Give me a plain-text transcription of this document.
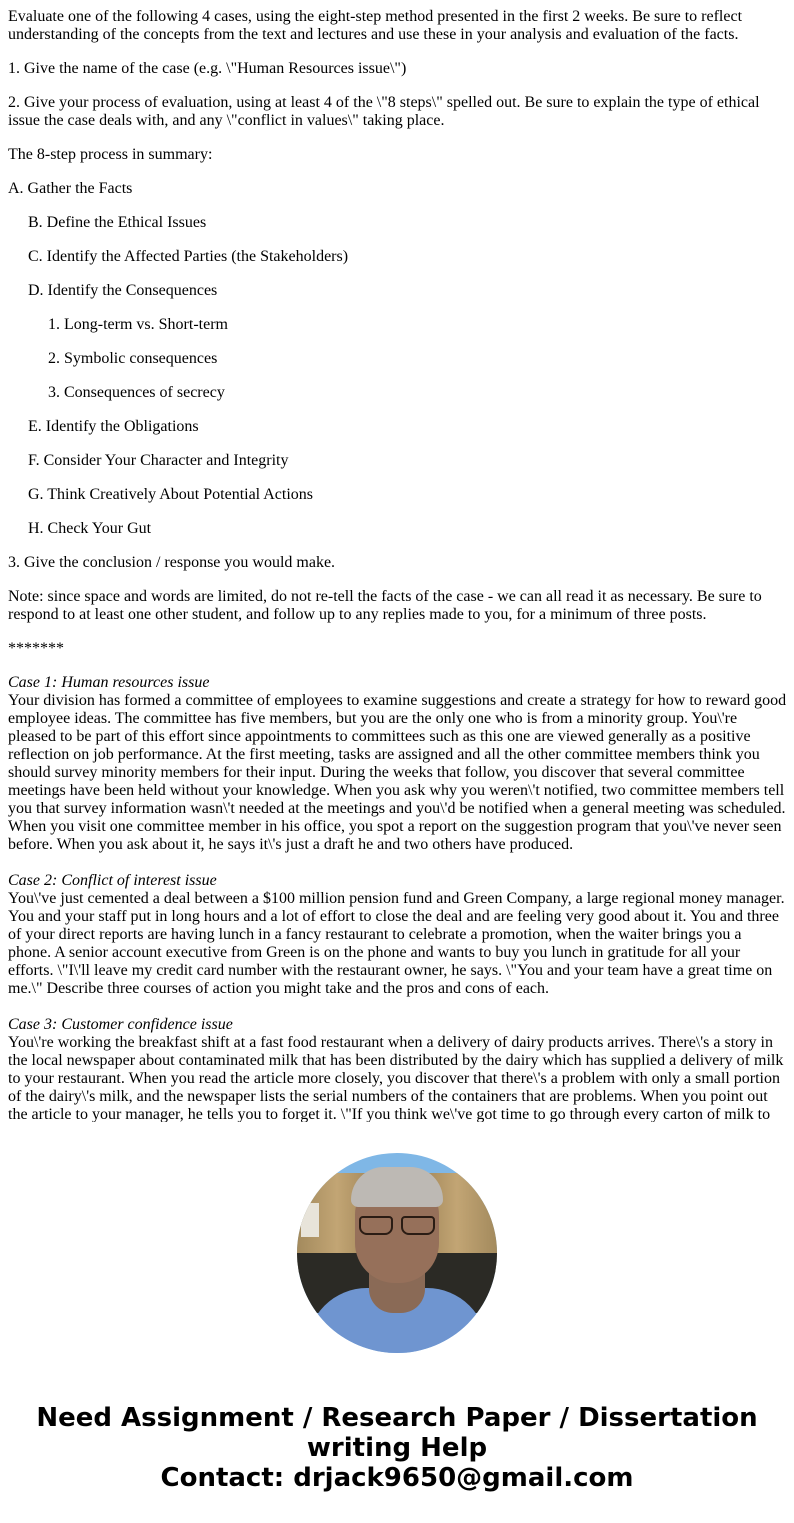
Evaluate one of the following 4 cases, using the eight-step method presented in the first 2 weeks. Be sure to reflect understanding of the concepts from the text and lectures and use these in your analysis and evaluation of the facts.

1. Give the name of the case (e.g. \"Human Resources issue\")

2. Give your process of evaluation, using at least 4 of the \"8 steps\" spelled out. Be sure to explain the type of ethical issue the case deals with, and any \"conflict in values\" taking place.

The 8-step process in summary:

A. Gather the Facts

B. Define the Ethical Issues

C. Identify the Affected Parties (the Stakeholders)

D. Identify the Consequences

1. Long-term vs. Short-term

2. Symbolic consequences

3. Consequences of secrecy

E. Identify the Obligations

F. Consider Your Character and Integrity

G. Think Creatively About Potential Actions

H. Check Your Gut

3. Give the conclusion / response you would make.

Note: since space and words are limited, do not re-tell the facts of the case - we can all read it as necessary. Be sure to respond to at least one other student, and follow up to any replies made to you, for a minimum of three posts.

*******

Case 1: Human resources issue
Your division has formed a committee of employees to examine suggestions and create a strategy for how to reward good employee ideas. The committee has five members, but you are the only one who is from a minority group. You\'re pleased to be part of this effort since appointments to committees such as this one are viewed generally as a positive reflection on job performance. At the first meeting, tasks are assigned and all the other committee members think you should survey minority members for their input. During the weeks that follow, you discover that several committee meetings have been held without your knowledge. When you ask why you weren\'t notified, two committee members tell you that survey information wasn\'t needed at the meetings and you\'d be notified when a general meeting was scheduled. When you visit one committee member in his office, you spot a report on the suggestion program that you\'ve never seen before. When you ask about it, he says it\'s just a draft he and two others have produced.
Case 2: Conflict of interest issue
You\'ve just cemented a deal between a $100 million pension fund and Green Company, a large regional money manager. You and your staff put in long hours and a lot of effort to close the deal and are feeling very good about it. You and three of your direct reports are having lunch in a fancy restaurant to celebrate a promotion, when the waiter brings you a phone. A senior account executive from Green is on the phone and wants to buy you lunch in gratitude for all your efforts. \"I\'ll leave my credit card number with the restaurant owner, he says. \"You and your team have a great time on me.\" Describe three courses of action you might take and the pros and cons of each.
Case 3: Customer confidence issue
You\'re working the breakfast shift at a fast food restaurant when a delivery of dairy products arrives. There\'s a story in the local newspaper about contaminated milk that has been distributed by the dairy which has supplied a delivery of milk to your restaurant. When you read the article more closely, you discover that there\'s a problem with only a small portion of the dairy\'s milk, and the newspaper lists the serial numbers of the containers that are problems. When you point out the article to your manager, he tells you to forget it. \"If you think we\'ve got time to go through every carton of milk to
Need Assignment / Research Paper / Dissertation writing Help
Contact: drjack9650@gmail.com
